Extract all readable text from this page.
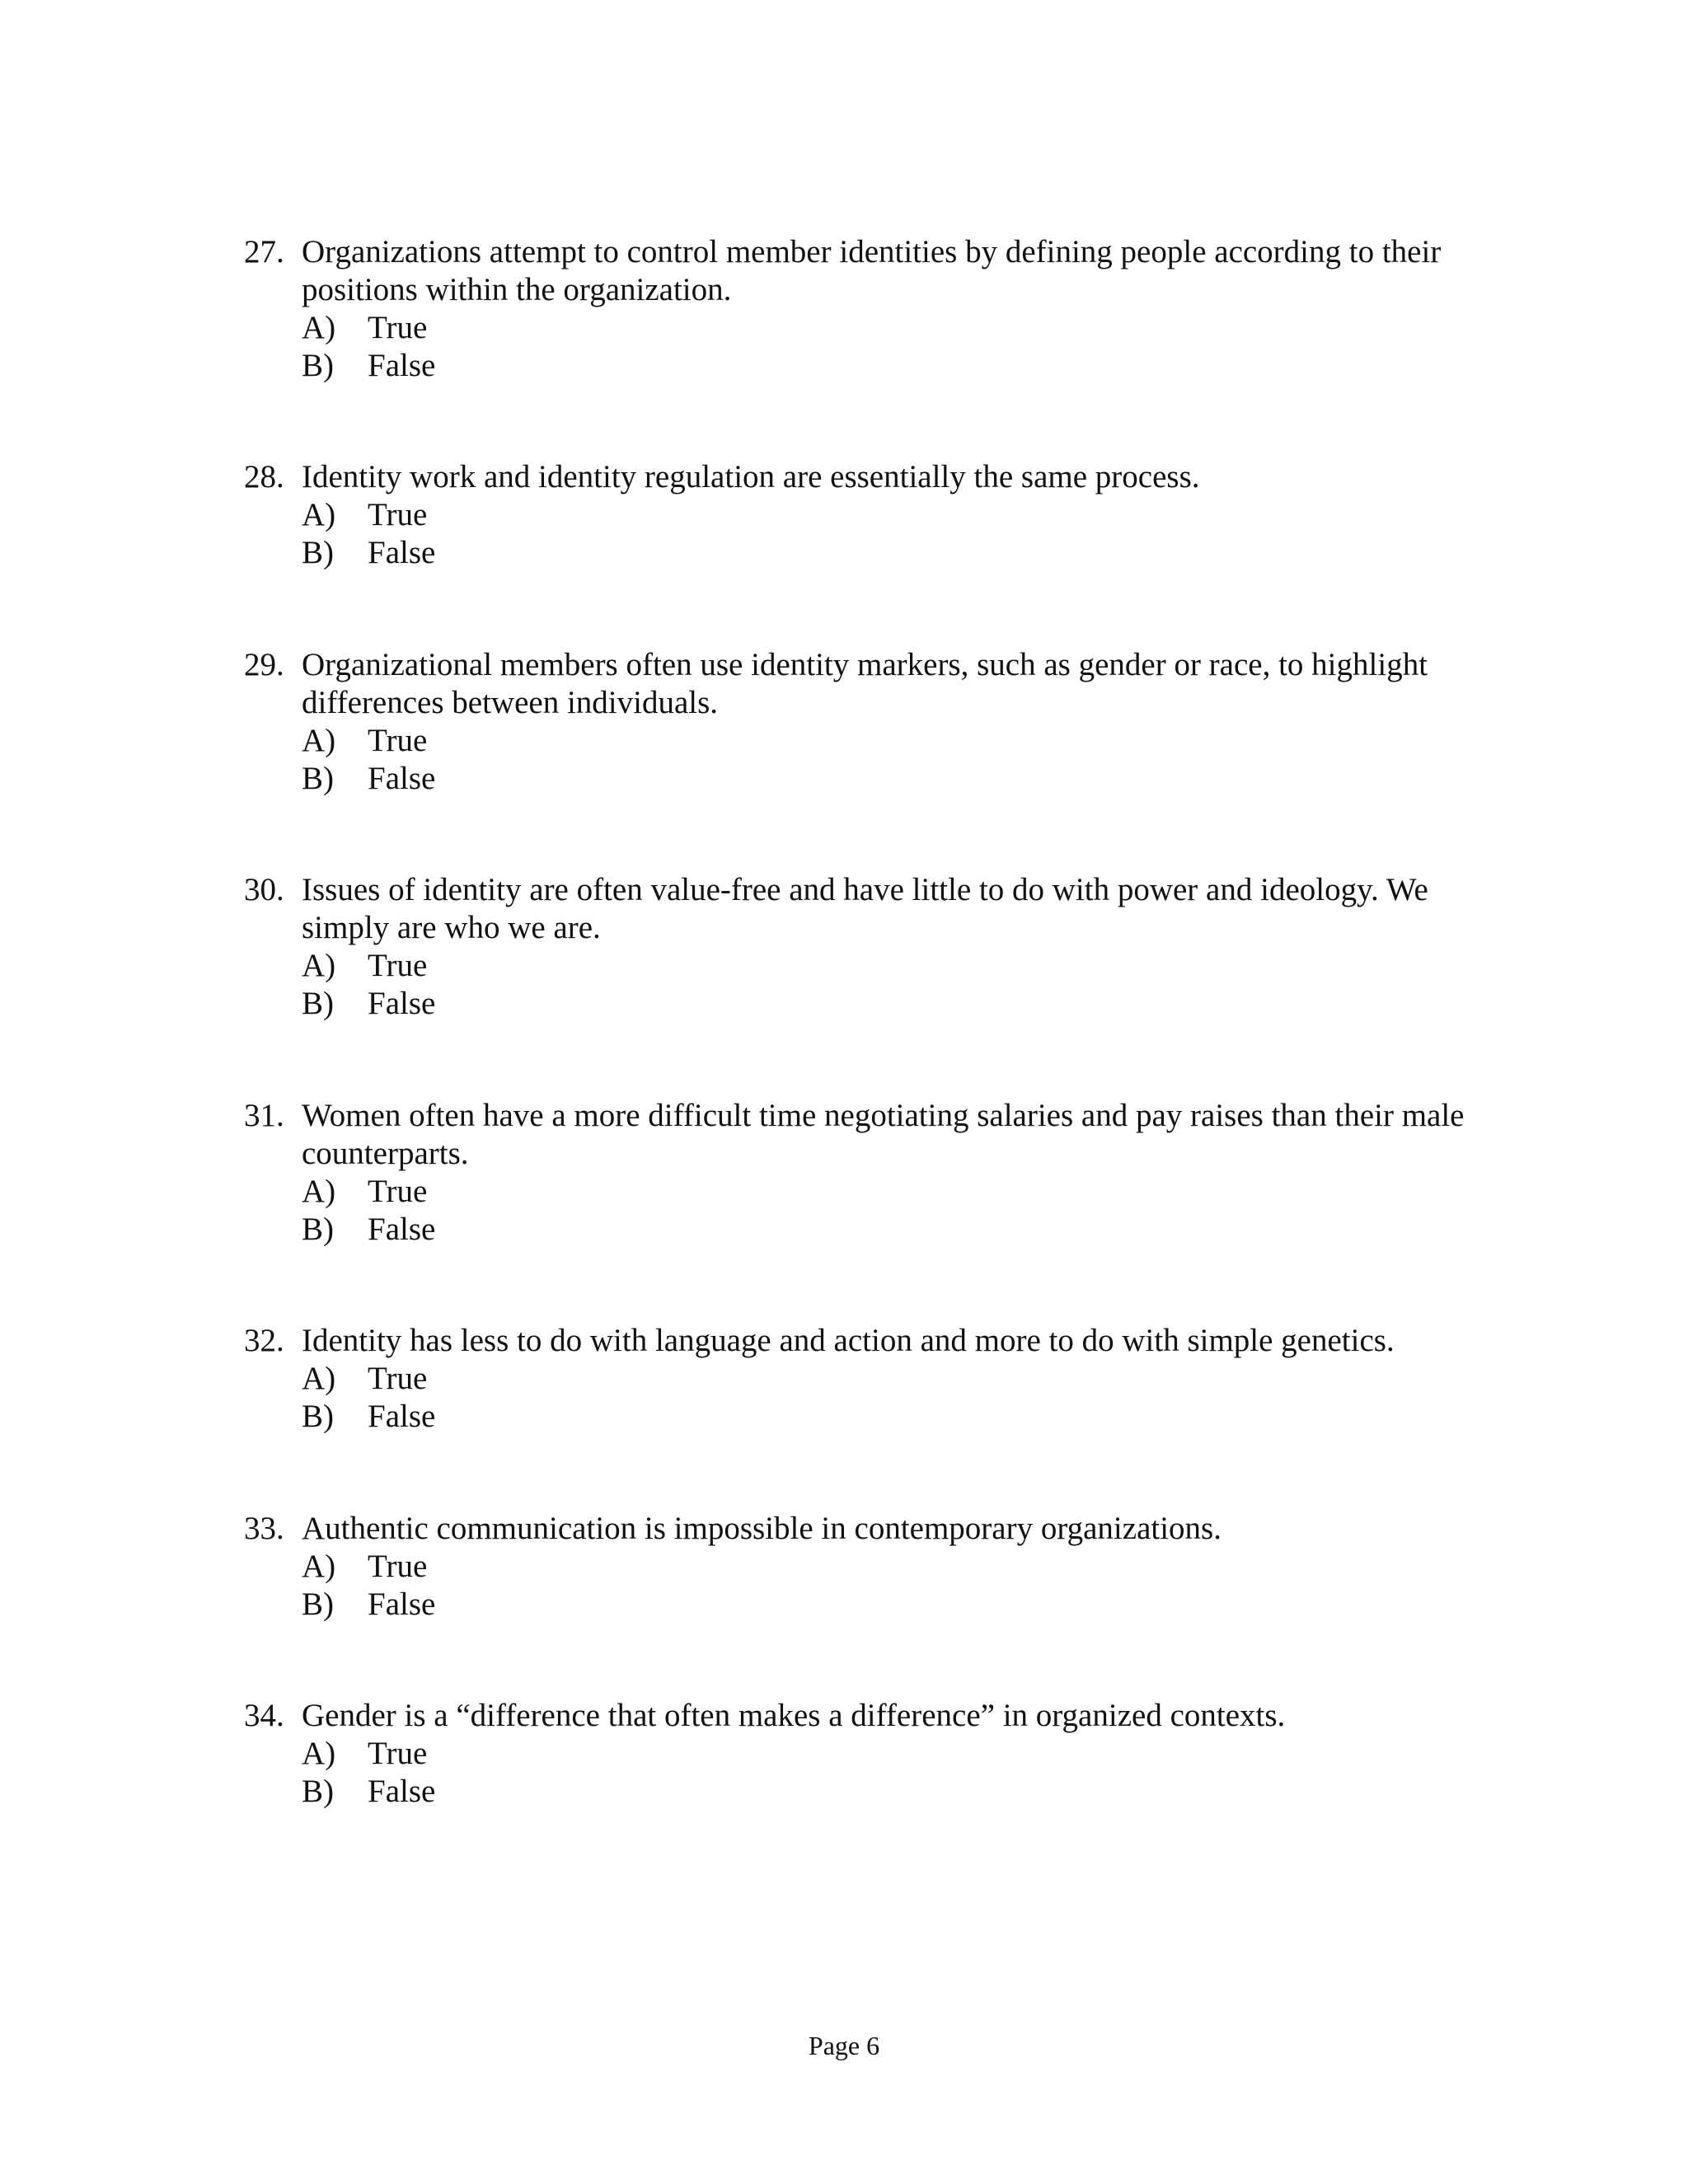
27. Organizations attempt to control member identities by defining people according to their positions within the organization.
A) True
B)	False
28. Identity work and identity regulation are essentially the same process.
A) True
B)	False
29. Organizational members often use identity markers, such as gender or race, to highlight differences between individuals.
A) True
B)	False
30. Issues of identity are often value-free and have little to do with power and ideology. We simply are who we are.
A) True
B)	False
31. Women often have a more difficult time negotiating salaries and pay raises than their male counterparts.
A) True
B)	False
32. Identity has less to do with language and action and more to do with simple genetics.
A) True
B)	False
33. Authentic communication is impossible in contemporary organizations.
A) True
B)	False
34. Gender is a “difference that often makes a difference” in organized contexts.
A) True
B)	False
Page 6
